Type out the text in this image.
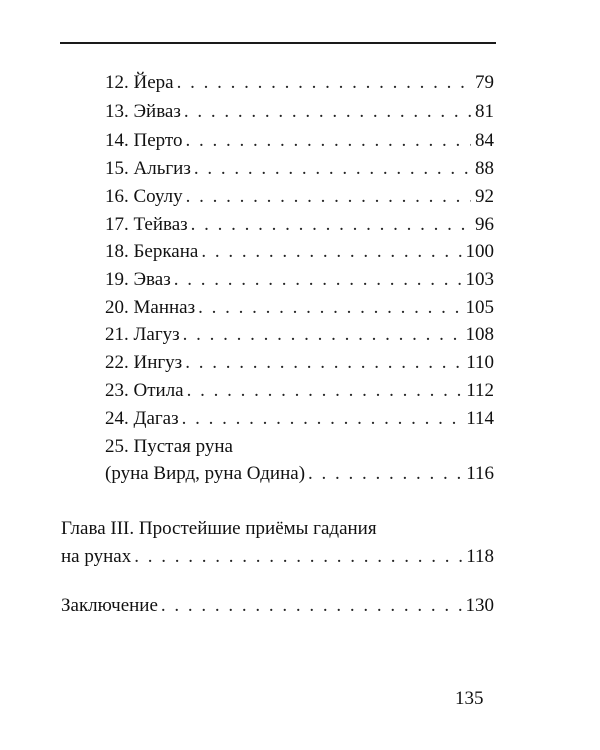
12. Йера . . .	79
13. Эйваз . . .	81
14. Перто . . .	84
15. Альгиз . . .	88
16. Соулу . . .	92
17. Тейваз . . .	96
18. Беркана . . .	100
19. Эваз . . .	103
20. Манназ . . .	105
21. Лагуз . . .	108
22. Ингуз . . .	110
23. Отила . . .	112
24. Дагаз . . .	114
25. Пустая руна
(руна Вирд, руна Одина) . . .	116
Глава III. Простейшие приёмы гадания
на рунах . . .	118
Заключение . . .	130
135
